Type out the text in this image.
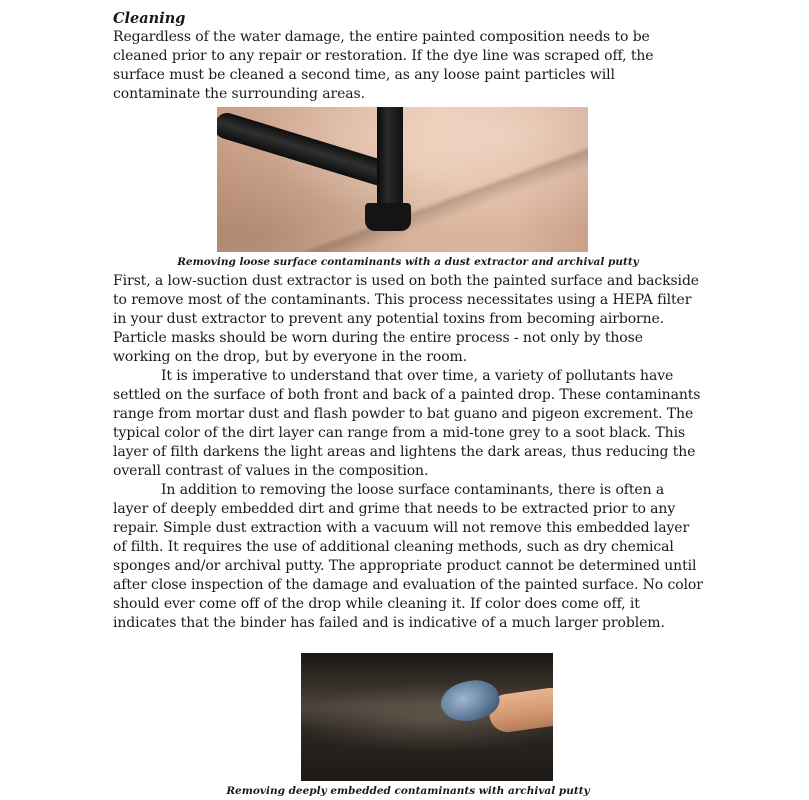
Cleaning

Regardless of the water damage, the entire painted composition needs to be cleaned prior to any repair or restoration. If the dye line was scraped off, the surface must be cleaned a second time, as any loose paint particles will contaminate the surrounding areas.

Removing loose surface contaminants with a dust extractor and archival putty

First, a low-suction dust extractor is used on both the painted surface and backside to remove most of the contaminants. This process necessitates using a HEPA filter in your dust extractor to prevent any potential toxins from becoming airborne. Particle masks should be worn during the entire process - not only by those working on the drop, but by everyone in the room.

It is imperative to understand that over time, a variety of pollutants have settled on the surface of both front and back of a painted drop. These contaminants range from mortar dust and flash powder to bat guano and pigeon excrement. The typical color of the dirt layer can range from a mid-tone grey to a soot black. This layer of filth darkens the light areas and lightens the dark areas, thus reducing the overall contrast of values in the composition.

In addition to removing the loose surface contaminants, there is often a layer of deeply embedded dirt and grime that needs to be extracted prior to any repair. Simple dust extraction with a vacuum will not remove this embedded layer of filth. It requires the use of additional cleaning methods, such as dry chemical sponges and/or archival putty. The appropriate product cannot be determined until after close inspection of the damage and evaluation of the painted surface. No color should ever come off of the drop while cleaning it. If color does come off, it indicates that the binder has failed and is indicative of a much larger problem.

Removing deeply embedded contaminants with archival putty
